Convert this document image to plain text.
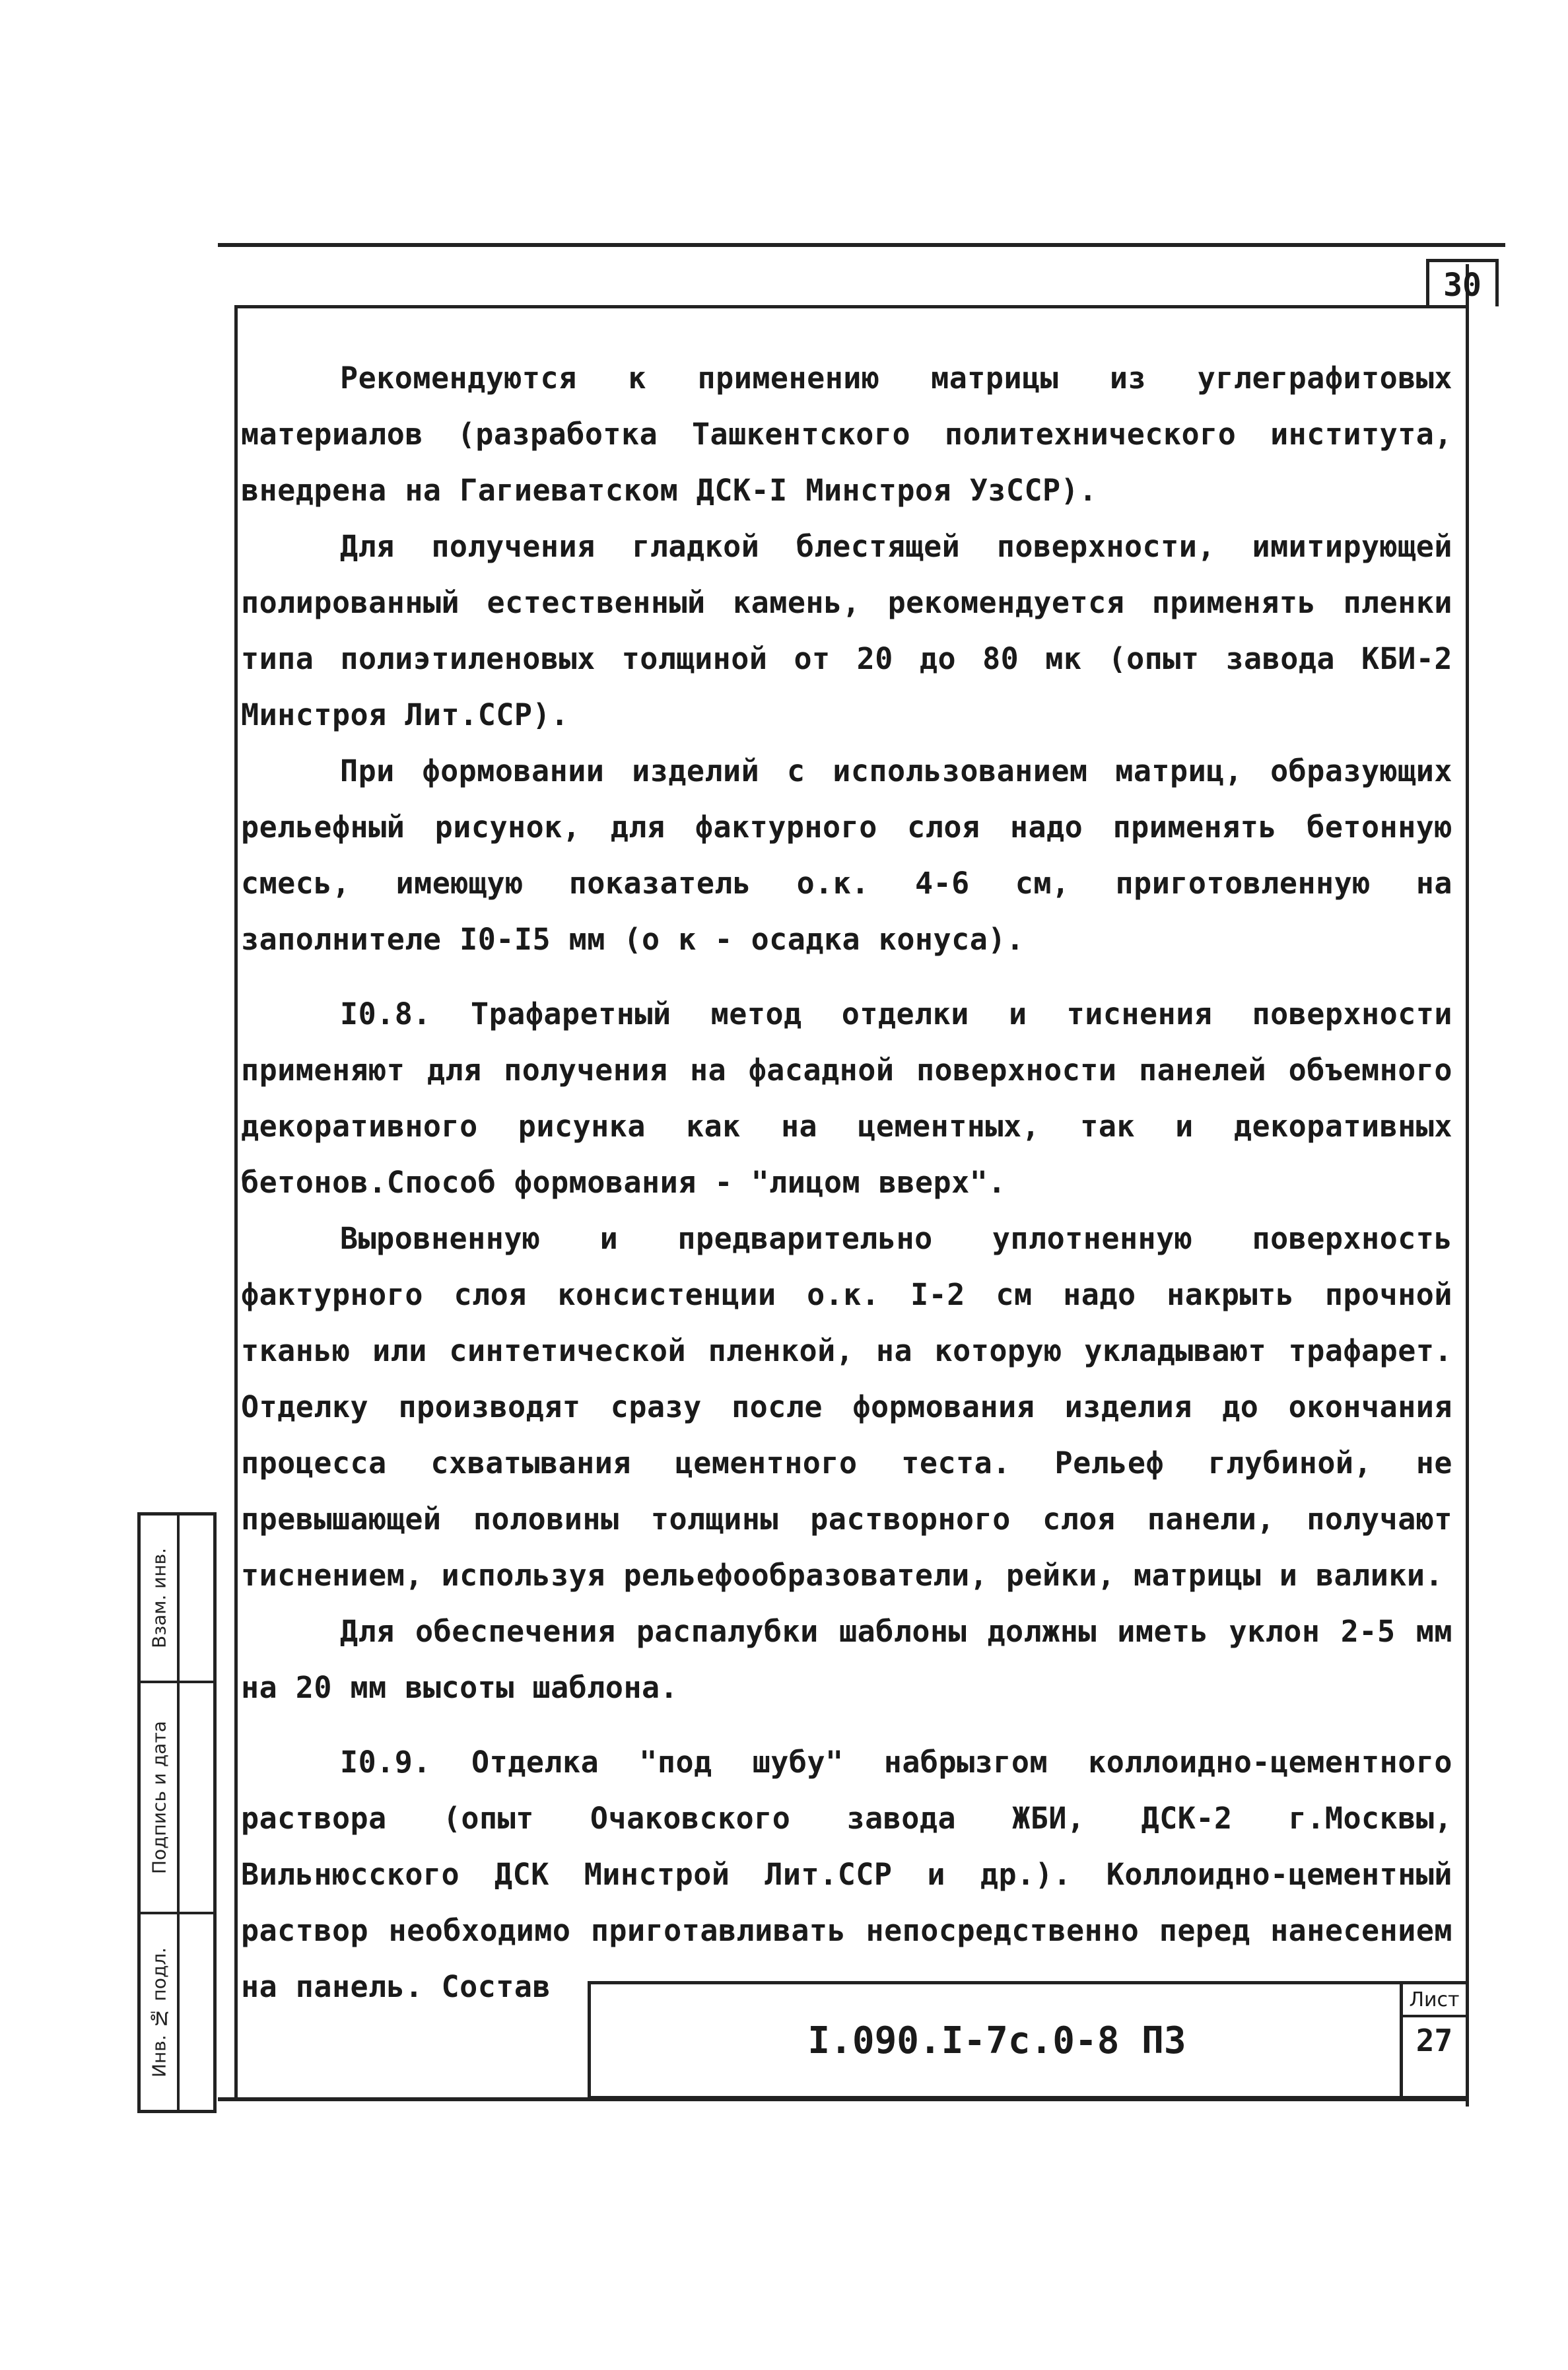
30

Рекомендуются к применению матрицы из углеграфитовых материалов (разработка Ташкентского политехнического института, внедрена на Гагиеватском ДСК-I Минстроя УзССР).

Для получения гладкой блестящей поверхности, имитирующей полированный естественный камень, рекомендуется применять пленки типа полиэтиленовых толщиной от 20 до 80 мк (опыт завода КБИ-2 Минстроя Лит.ССР).

При формовании изделий с использованием матриц, образующих рельефный рисунок, для фактурного слоя надо применять бетонную смесь, имеющую показатель о.к. 4-6 см, приготовленную на заполнителе I0-I5 мм (о к - осадка конуса).

I0.8. Трафаретный метод отделки и тиснения поверхности применяют для получения на фасадной поверхности панелей объемного декоративного рисунка как на цементных, так и декоративных бетонов.Способ формования - "лицом вверх".

Выровненную и предварительно уплотненную поверхность фактурного слоя консистенции о.к. I-2 см надо накрыть прочной тканью или синтетической пленкой, на которую укладывают трафарет. Отделку производят сразу после формования изделия до окончания процесса схватывания цементного теста. Рельеф глубиной, не превышающей половины толщины растворного слоя панели, получают тиснением, используя рельефообразователи, рейки, матрицы и валики.

Для обеспечения распалубки шаблоны должны иметь уклон 2-5 мм на 20 мм высоты шаблона.

I0.9. Отделка "под шубу" набрызгом коллоидно-цементного раствора (опыт Очаковского завода ЖБИ, ДСК-2 г.Москвы, Вильнюсского ДСК Минстрой Лит.ССР и др.). Коллоидно-цементный раствор необходимо приготавливать непосредственно перед нанесением на панель. Состав

Взам. инв.
Подпись и дата
Инв. № подл.	I.090.I-7с.0-8 ПЗ
Лист
27
